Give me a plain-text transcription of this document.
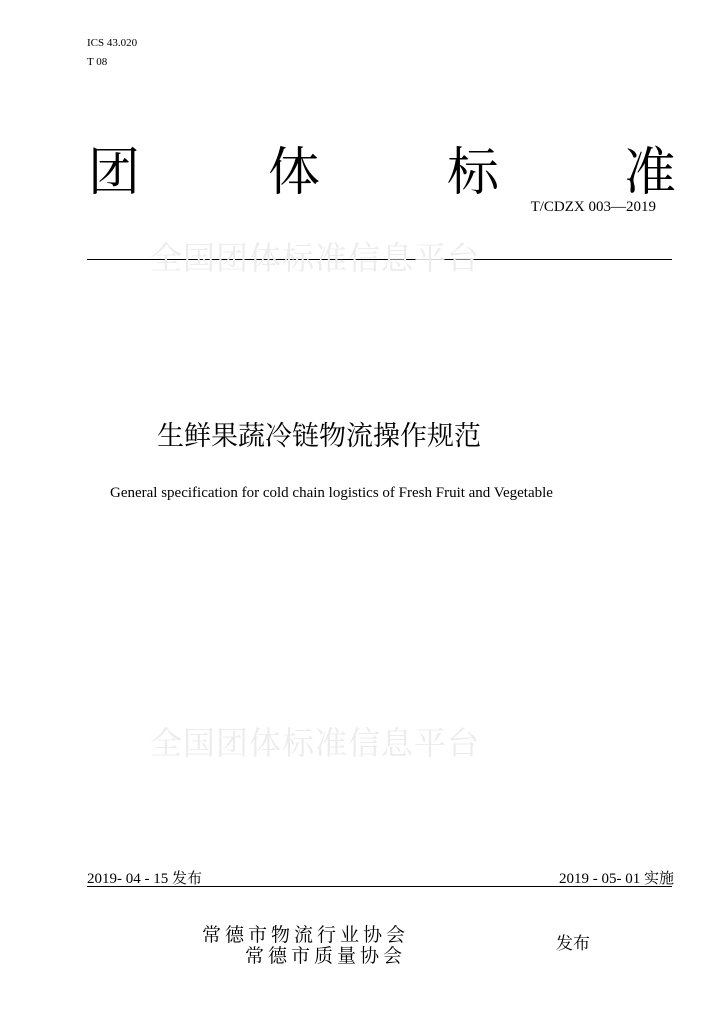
ICS 43.020
T 08
团 体 标 准
T/CDZX 003—2019
全国团体标准信息平台
生鲜果蔬冷链物流操作规范
General specification for cold chain logistics of Fresh Fruit and Vegetable
全国团体标准信息平台
2019- 04 - 15 发布	2019 - 05- 01 实施
常德市物流行业协会
常德市质量协会
发布
